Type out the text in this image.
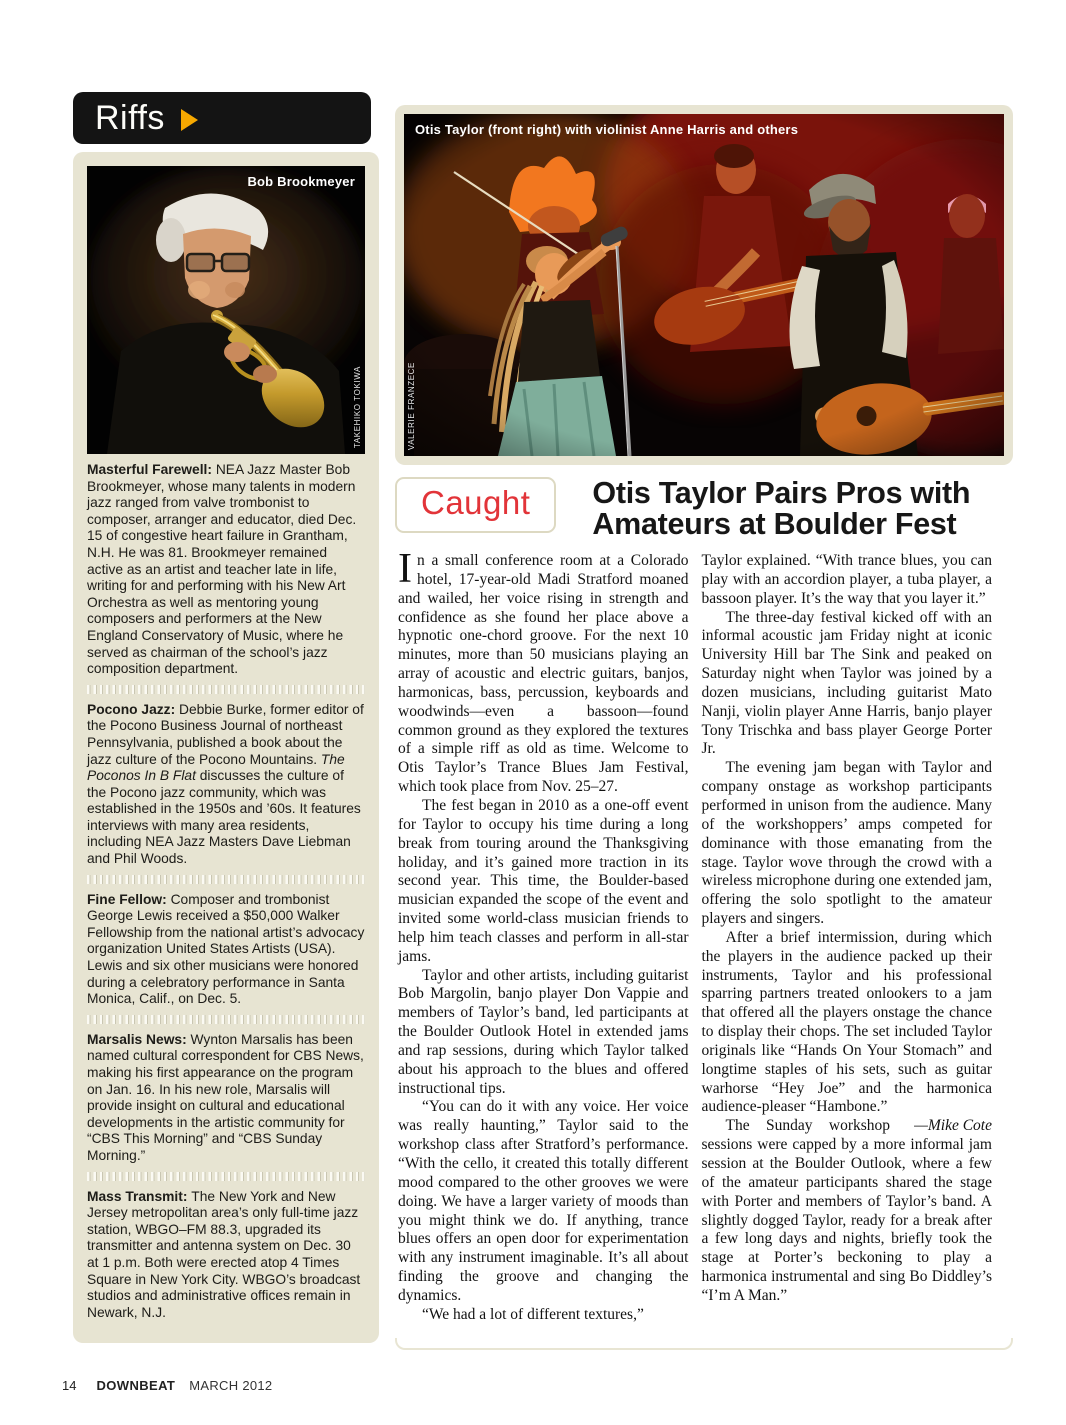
Riffs
Bob Brookmeyer
TAKEHIKO TOKIWA

Masterful Farewell: NEA Jazz Master Bob Brookmeyer, whose many talents in modern jazz ranged from valve trombonist to composer, arranger and educator, died Dec. 15 of congestive heart failure in Grantham, N.H. He was 81. Brookmeyer remained active as an artist and teacher late in life, writing for and performing with his New Art Orchestra as well as mentoring young composers and performers at the New England Conservatory of Music, where he served as chairman of the school’s jazz composition department.

Pocono Jazz: Debbie Burke, former editor of the Pocono Business Journal of northeast Pennsylvania, published a book about the jazz culture of the Pocono Mountains. The Poconos In B Flat discusses the culture of the Pocono jazz community, which was established in the 1950s and ’60s. It features interviews with many area residents, including NEA Jazz Masters Dave Liebman and Phil Woods.

Fine Fellow: Composer and trombonist George Lewis received a $50,000 Walker Fellowship from the national artist’s advocacy organization United States Artists (USA). Lewis and six other musicians were honored during a celebratory performance in Santa Monica, Calif., on Dec. 5.

Marsalis News: Wynton Marsalis has been named cultural correspondent for CBS News, making his first appearance on the program on Jan. 16. In his new role, Marsalis will provide insight on cultural and educational developments in the artistic community for “CBS This Morning” and “CBS Sunday Morning.”

Mass Transmit: The New York and New Jersey metropolitan area’s only full-time jazz station, WBGO–FM 88.3, upgraded its transmitter and antenna system on Dec. 30 at 1 p.m. Both were erected atop 4 Times Square in New York City. WBGO’s broadcast studios and administrative offices remain in Newark, N.J.

Otis Taylor (front right) with violinist Anne Harris and others
VALERIE FRANZECE
Caught	Otis Taylor Pairs Pros with
Amateurs at Boulder Fest

In a small conference room at a Colorado hotel, 17-year-old Madi Stratford moaned and wailed, her voice rising in strength and confidence as she found her place above a hypnotic one-chord groove. For the next 10 minutes, more than 50 musicians playing an array of acoustic and electric guitars, banjos, harmonicas, bass, percussion, keyboards and woodwinds—even a bassoon—found common ground as they explored the textures of a simple riff as old as time. Welcome to Otis Taylor’s Trance Blues Jam Festival, which took place from Nov. 25–27.

The fest began in 2010 as a one-off event for Taylor to occupy his time during a long break from touring around the Thanksgiving holiday, and it’s gained more traction in its second year. This time, the Boulder-based musician expanded the scope of the event and invited some world-class musician friends to help him teach classes and perform in all-star jams.

Taylor and other artists, including guitarist Bob Margolin, banjo player Don Vappie and members of Taylor’s band, led participants at the Boulder Outlook Hotel in extended jams and rap sessions, during which Taylor talked about his approach to the blues and offered instructional tips.

“You can do it with any voice. Her voice was really haunting,” Taylor said to the workshop class after Stratford’s performance. “With the cello, it created this totally different mood compared to the other grooves we were doing. We have a larger variety of moods than you might think we do. If anything, trance blues offers an open door for experimentation with any instrument imaginable. It’s all about finding the groove and changing the dynamics.

“We had a lot of different textures,”

Taylor explained. “With trance blues, you can play with an accordion player, a tuba player, a bassoon player. It’s the way that you layer it.”

The three-day festival kicked off with an informal acoustic jam Friday night at iconic University Hill bar The Sink and peaked on Saturday night when Taylor was joined by a dozen musicians, including guitarist Mato Nanji, violin player Anne Harris, banjo player Tony Trischka and bass player George Porter Jr.

The evening jam began with Taylor and company onstage as workshop participants performed in unison from the audience. Many of the workshoppers’ amps competed for dominance with those emanating from the stage. Taylor wove through the crowd with a wireless microphone during one extended jam, offering the solo spotlight to the amateur players and singers.

After a brief intermission, during which the players in the audience packed up their instruments, Taylor and his professional sparring partners treated onlookers to a jam that offered all the players onstage the chance to display their chops. The set included Taylor originals like “Hands On Your Stomach” and longtime staples of his sets, such as guitar warhorse “Hey Joe” and the harmonica audience-pleaser “Hambone.”

—Mike Cote
The Sunday workshop sessions were capped by a more informal jam session at the Boulder Outlook, where a few of the amateur participants shared the stage with Porter and members of Taylor’s band. A slightly dogged Taylor, ready for a break after a few long days and nights, briefly took the stage at Porter’s beckoning to play a harmonica instrumental and sing Bo Diddley’s “I’m A Man.”

14 DOWNBEAT MARCH 2012
